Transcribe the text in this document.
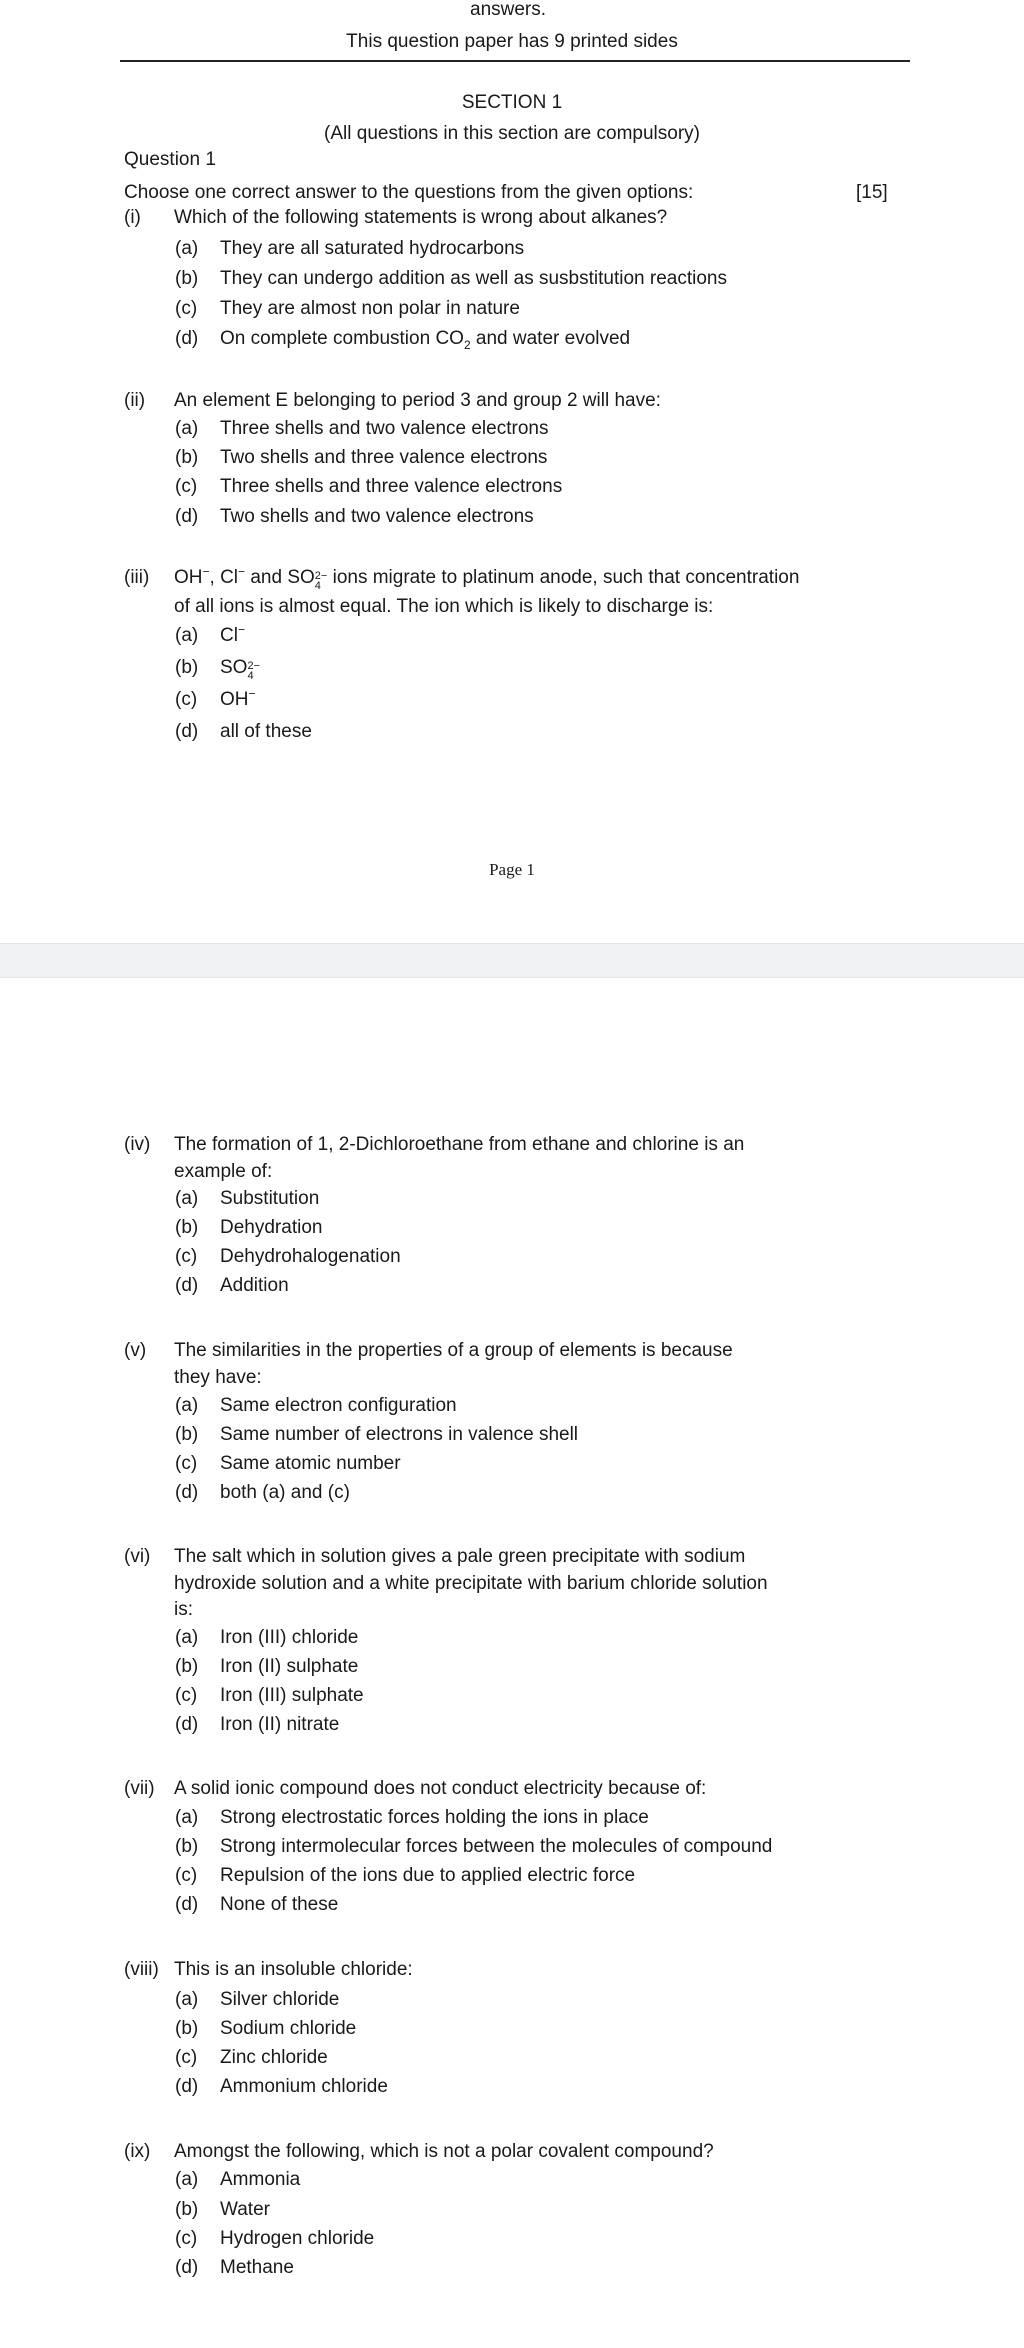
answers.
This question paper has 9 printed sides
SECTION 1
(All questions in this section are compulsory)
Question 1
Choose one correct answer to the questions from the given options:	[15]
(i)	Which of the following statements is wrong about alkanes?
(a) They are all saturated hydrocarbons
(b) They can undergo addition as well as susbstitution reactions
(c) They are almost non polar in nature
(d) On complete combustion $CO_2$ and water evolved
(ii)	An element E belonging to period 3 and group 2 will have:
(a) Three shells and two valence electrons
(b) Two shells and three valence electrons
(c) Three shells and three valence electrons
(d) Two shells and two valence electrons
(iii)	OH−, Cl− and SO 2−
4 ions migrate to platinum anode, such that concentration
of all ions is almost equal. The ion which is likely to discharge is:
(a) Cl−
(b) SO 2−
4
(c) OH−
(d) all of these
Page 1
(iv)	The formation of 1, 2-Dichloroethane from ethane and chlorine is an
example of:
(a) Substitution
(b) Dehydration
(c) Dehydrohalogenation
(d) Addition
(v)	The similarities in the properties of a group of elements is because
they have:
(a) Same electron configuration
(b) Same number of electrons in valence shell
(c) Same atomic number
(d) both (a) and (c)
(vi)	The salt which in solution gives a pale green precipitate with sodium
hydroxide solution and a white precipitate with barium chloride solution
is:
(a) Iron (III) chloride
(b) Iron (II) sulphate
(c) Iron (III) sulphate
(d) Iron (II) nitrate
(vii)	A solid ionic compound does not conduct electricity because of:
(a) Strong electrostatic forces holding the ions in place
(b) Strong intermolecular forces between the molecules of compound
(c) Repulsion of the ions due to applied electric force
(d) None of these
(viii) This is an insoluble chloride:
(a) Silver chloride
(b) Sodium chloride
(c) Zinc chloride
(d) Ammonium chloride
(ix)	Amongst the following, which is not a polar covalent compound?
(a) Ammonia
(b) Water
(c) Hydrogen chloride
(d) Methane
